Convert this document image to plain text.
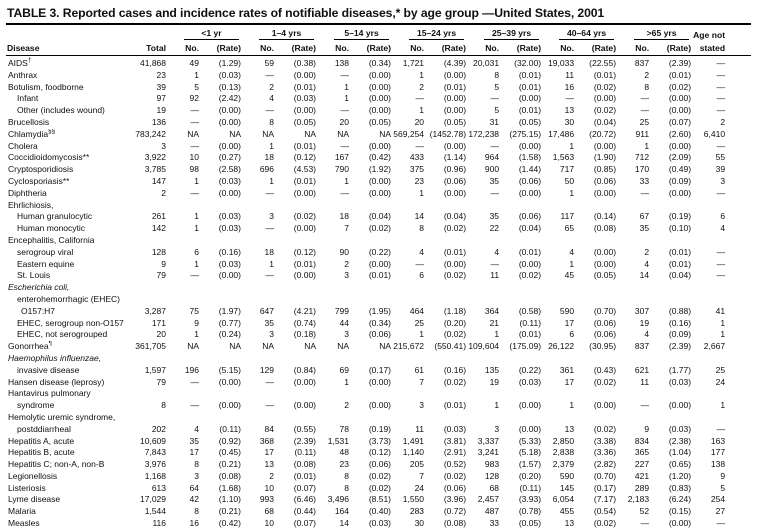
TABLE 3. Reported cases and incidence rates of notifiable diseases,* by age group —United States, 2001

		<1 yr		1–4 yrs		5–14 yrs		15–24 yrs		25–39 yrs		40–64 yrs		>65 yrs		Age not
Disease	Total	No.	(Rate)	No.	(Rate)	No.	(Rate)	No.	(Rate)	No.	(Rate)	No.	(Rate)	No.	(Rate)	stated
AIDS†	41,868	49	(1.29)	59	(0.38)	138	(0.34)	1,721	(4.39)	20,031	(32.00)	19,033	(22.55)	837	(2.39)	—
Anthrax	23	1	(0.03)	—	(0.00)	—	(0.00)	1	(0.00)	8	(0.01)	11	(0.01)	2	(0.01)	—
Botulism, foodborne	39	5	(0.13)	2	(0.01)	1	(0.00)	2	(0.01)	5	(0.01)	16	(0.02)	8	(0.02)	—
Infant	97	92	(2.42)	4	(0.03)	1	(0.00)	—	(0.00)	—	(0.00)	—	(0.00)	—	(0.00)	—
Other (includes wound)	19	—	(0.00)	—	(0.00)	—	(0.00)	1	(0.00)	5	(0.01)	13	(0.02)	—	(0.00)	—
Brucellosis	136	—	(0.00)	8	(0.05)	20	(0.05)	20	(0.05)	31	(0.05)	30	(0.04)	25	(0.07)	2
Chlamydia§§	783,242	NA	NA	NA	NA	NA	NA	569,254	(1452.78)	172,238	(275.15)	17,486	(20.72)	911	(2.60)	6,410
Cholera	3	—	(0.00)	1	(0.01)	—	(0.00)	—	(0.00)	—	(0.00)	1	(0.00)	1	(0.00)	—
Coccidioidomycosis**	3,922	10	(0.27)	18	(0.12)	167	(0.42)	433	(1.14)	964	(1.58)	1,563	(1.90)	712	(2.09)	55
Cryptosporidiosis	3,785	98	(2.58)	696	(4.53)	790	(1.92)	375	(0.96)	900	(1.44)	717	(0.85)	170	(0.49)	39
Cyclosporiasis**	147	1	(0.03)	1	(0.01)	1	(0.00)	23	(0.06)	35	(0.06)	50	(0.06)	33	(0.09)	3
Diphtheria	2	—	(0.00)	—	(0.00)	—	(0.00)	1	(0.00)	—	(0.00)	1	(0.00)	—	(0.00)	—
Ehrlichiosis,																
Human granulocytic	261	1	(0.03)	3	(0.02)	18	(0.04)	14	(0.04)	35	(0.06)	117	(0.14)	67	(0.19)	6
Human monocytic	142	1	(0.03)	—	(0.00)	7	(0.02)	8	(0.02)	22	(0.04)	65	(0.08)	35	(0.10)	4
Encephalitis, California																
serogroup viral	128	6	(0.16)	18	(0.12)	90	(0.22)	4	(0.01)	4	(0.01)	4	(0.00)	2	(0.01)	—
Eastern equine	9	1	(0.03)	1	(0.01)	2	(0.00)	—	(0.00)	—	(0.00)	1	(0.00)	4	(0.01)	—
St. Louis	79	—	(0.00)	—	(0.00)	3	(0.01)	6	(0.02)	11	(0.02)	45	(0.05)	14	(0.04)	—
Escherichia coli,																
enterohemorrhagic (EHEC)																
O157:H7	3,287	75	(1.97)	647	(4.21)	799	(1.95)	464	(1.18)	364	(0.58)	590	(0.70)	307	(0.88)	41
EHEC, serogroup non-O157	171	9	(0.77)	35	(0.74)	44	(0.34)	25	(0.20)	21	(0.11)	17	(0.06)	19	(0.16)	1
EHEC, not serogrouped	20	1	(0.24)	3	(0.18)	3	(0.06)	1	(0.02)	1	(0.01)	6	(0.06)	4	(0.09)	1
Gonorrhea¶	361,705	NA	NA	NA	NA	NA	NA	215,672	(550.41)	109,604	(175.09)	26,122	(30.95)	837	(2.39)	2,667
Haemophilus influenzae,																
invasive disease	1,597	196	(5.15)	129	(0.84)	69	(0.17)	61	(0.16)	135	(0.22)	361	(0.43)	621	(1.77)	25
Hansen disease (leprosy)	79	—	(0.00)	—	(0.00)	1	(0.00)	7	(0.02)	19	(0.03)	17	(0.02)	11	(0.03)	24
Hantavirus pulmonary																
syndrome	8	—	(0.00)	—	(0.00)	2	(0.00)	3	(0.01)	1	(0.00)	1	(0.00)	—	(0.00)	1
Hemolytic uremic syndrome,																
postddiarrheal	202	4	(0.11)	84	(0.55)	78	(0.19)	11	(0.03)	3	(0.00)	13	(0.02)	9	(0.03)	—
Hepatitis A, acute	10,609	35	(0.92)	368	(2.39)	1,531	(3.73)	1,491	(3.81)	3,337	(5.33)	2,850	(3.38)	834	(2.38)	163
Hepatitis B, acute	7,843	17	(0.45)	17	(0.11)	48	(0.12)	1,140	(2.91)	3,241	(5.18)	2,838	(3.36)	365	(1.04)	177
Hepatitis C; non-A, non-B	3,976	8	(0.21)	13	(0.08)	23	(0.06)	205	(0.52)	983	(1.57)	2,379	(2.82)	227	(0.65)	138
Legionellosis	1,168	3	(0.08)	2	(0.01)	8	(0.02)	7	(0.02)	128	(0.20)	590	(0.70)	421	(1.20)	9
Listeriosis	613	64	(1.68)	10	(0.07)	8	(0.02)	24	(0.06)	68	(0.11)	145	(0.17)	289	(0.83)	5
Lyme disease	17,029	42	(1.10)	993	(6.46)	3,496	(8.51)	1,550	(3.96)	2,457	(3.93)	6,054	(7.17)	2,183	(6.24)	254
Malaria	1,544	8	(0.21)	68	(0.44)	164	(0.40)	283	(0.72)	487	(0.78)	455	(0.54)	52	(0.15)	27
Measles	116	16	(0.42)	10	(0.07)	14	(0.03)	30	(0.08)	33	(0.05)	13	(0.02)	—	(0.00)	—
